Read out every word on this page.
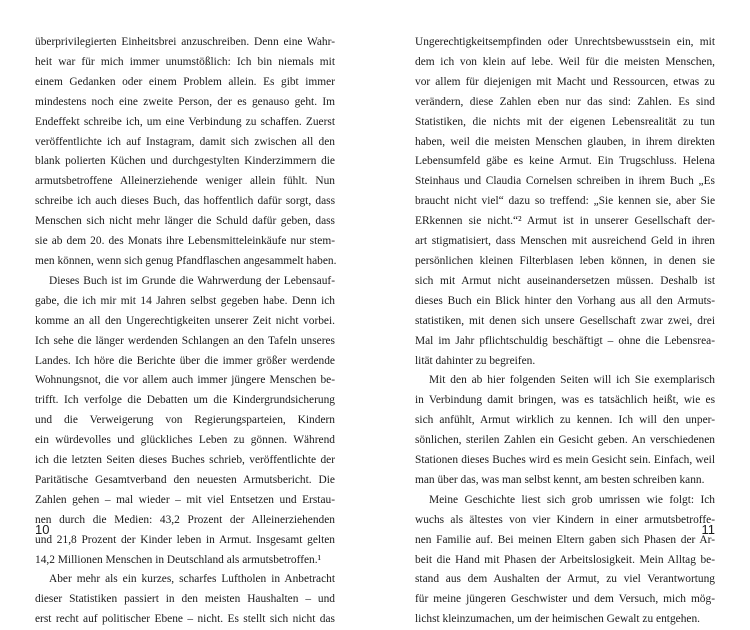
überprivilegierten Einheitsbrei anzuschreiben. Denn eine Wahr-
heit war für mich immer unumstößlich: Ich bin niemals mit
einem Gedanken oder einem Problem allein. Es gibt immer
mindestens noch eine zweite Person, der es genauso geht. Im
Endeffekt schreibe ich, um eine Verbindung zu schaffen. Zuerst
veröffentlichte ich auf Instagram, damit sich zwischen all den
blank polierten Küchen und durchgestylten Kinderzimmern die
armutsbetroffene Alleinerziehende weniger allein fühlt. Nun
schreibe ich auch dieses Buch, das hoffentlich dafür sorgt, dass
Menschen sich nicht mehr länger die Schuld dafür geben, dass
sie ab dem 20. des Monats ihre Lebensmitteleinkäufe nur stem-
men können, wenn sich genug Pfandflaschen angesammelt haben.
Dieses Buch ist im Grunde die Wahrwerdung der Lebensauf-
gabe, die ich mir mit 14 Jahren selbst gegeben habe. Denn ich
komme an all den Ungerechtigkeiten unserer Zeit nicht vorbei.
Ich sehe die länger werdenden Schlangen an den Tafeln unseres
Landes. Ich höre die Berichte über die immer größer werdende
Wohnungsnot, die vor allem auch immer jüngere Menschen be-
trifft. Ich verfolge die Debatten um die Kindergrundsicherung
und die Verweigerung von Regierungsparteien, Kindern
ein würdevolles und glückliches Leben zu gönnen. Während
ich die letzten Seiten dieses Buches schrieb, veröffentlichte der
Paritätische Gesamtverband den neuesten Armutsbericht. Die
Zahlen gehen – mal wieder – mit viel Entsetzen und Erstau-
nen durch die Medien: 43,2 Prozent der Alleinerziehenden
und 21,8 Prozent der Kinder leben in Armut. Insgesamt gelten
14,2 Millionen Menschen in Deutschland als armutsbetroffen.¹
Aber mehr als ein kurzes, scharfes Luftholen in Anbetracht
dieser Statistiken passiert in den meisten Haushalten – und
erst recht auf politischer Ebene – nicht. Es stellt sich nicht das
10
Ungerechtigkeitsempfinden oder Unrechtsbewusstsein ein, mit
dem ich von klein auf lebe. Weil für die meisten Menschen,
vor allem für diejenigen mit Macht und Ressourcen, etwas zu
verändern, diese Zahlen eben nur das sind: Zahlen. Es sind
Statistiken, die nichts mit der eigenen Lebensrealität zu tun
haben, weil die meisten Menschen glauben, in ihrem direkten
Lebensumfeld gäbe es keine Armut. Ein Trugschluss. Helena
Steinhaus und Claudia Cornelsen schreiben in ihrem Buch „Es
braucht nicht viel“ dazu so treffend: „Sie kennen sie, aber Sie
ERkennen sie nicht.“² Armut ist in unserer Gesellschaft der-
art stigmatisiert, dass Menschen mit ausreichend Geld in ihren
persönlichen kleinen Filterblasen leben können, in denen sie
sich mit Armut nicht auseinandersetzen müssen. Deshalb ist
dieses Buch ein Blick hinter den Vorhang aus all den Armuts-
statistiken, mit denen sich unsere Gesellschaft zwar zwei, drei
Mal im Jahr pflichtschuldig beschäftigt – ohne die Lebensrea-
lität dahinter zu begreifen.
Mit den ab hier folgenden Seiten will ich Sie exemplarisch
in Verbindung damit bringen, was es tatsächlich heißt, wie es
sich anfühlt, Armut wirklich zu kennen. Ich will den unper-
sönlichen, sterilen Zahlen ein Gesicht geben. An verschiedenen
Stationen dieses Buches wird es mein Gesicht sein. Einfach, weil
man über das, was man selbst kennt, am besten schreiben kann.
Meine Geschichte liest sich grob umrissen wie folgt: Ich
wuchs als ältestes von vier Kindern in einer armutsbetroffe-
nen Familie auf. Bei meinen Eltern gaben sich Phasen der Ar-
beit die Hand mit Phasen der Arbeitslosigkeit. Mein Alltag be-
stand aus dem Aushalten der Armut, zu viel Verantwortung
für meine jüngeren Geschwister und dem Versuch, mich mög-
lichst kleinzumachen, um der heimischen Gewalt zu entgehen.
11
